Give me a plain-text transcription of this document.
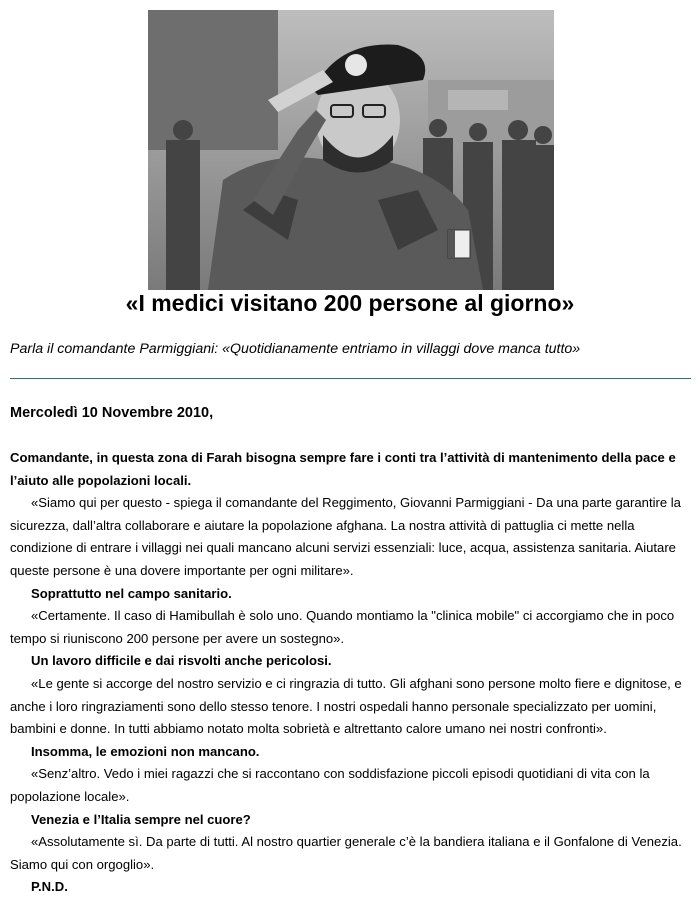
«I medici visitano 200 persone al giorno»

Parla il comandante Parmiggiani: «Quotidianamente entriamo in villaggi dove manca tutto»

Mercoledì 10 Novembre 2010,

Comandante, in questa zona di Farah bisogna sempre fare i conti tra l’attività di mantenimento della pace e l’aiuto alle popolazioni locali.

«Siamo qui per questo - spiega il comandante del Reggimento, Giovanni Parmiggiani - Da una parte garantire la sicurezza, dall’altra collaborare e aiutare la popolazione afghana. La nostra attività di pattuglia ci mette nella condizione di entrare i villaggi nei quali mancano alcuni servizi essenziali: luce, acqua, assistenza sanitaria. Aiutare queste persone è una dovere importante per ogni militare».

Soprattutto nel campo sanitario.

«Certamente. Il caso di Hamibullah è solo uno. Quando montiamo la "clinica mobile" ci accorgiamo che in poco tempo si riuniscono 200 persone per avere un sostegno».

Un lavoro difficile e dai risvolti anche pericolosi.

«Le gente si accorge del nostro servizio e ci ringrazia di tutto. Gli afghani sono persone molto fiere e dignitose, e anche i loro ringraziamenti sono dello stesso tenore. I nostri ospedali hanno personale specializzato per uomini, bambini e donne. In tutti abbiamo notato molta sobrietà e altrettanto calore umano nei nostri confronti».

Insomma, le emozioni non mancano.

«Senz’altro. Vedo i miei ragazzi che si raccontano con soddisfazione piccoli episodi quotidiani di vita con la popolazione locale».

Venezia e l’Italia sempre nel cuore?

«Assolutamente sì. Da parte di tutti. Al nostro quartier generale c’è la bandiera italiana e il Gonfalone di Venezia. Siamo qui con orgoglio».

P.N.D.
